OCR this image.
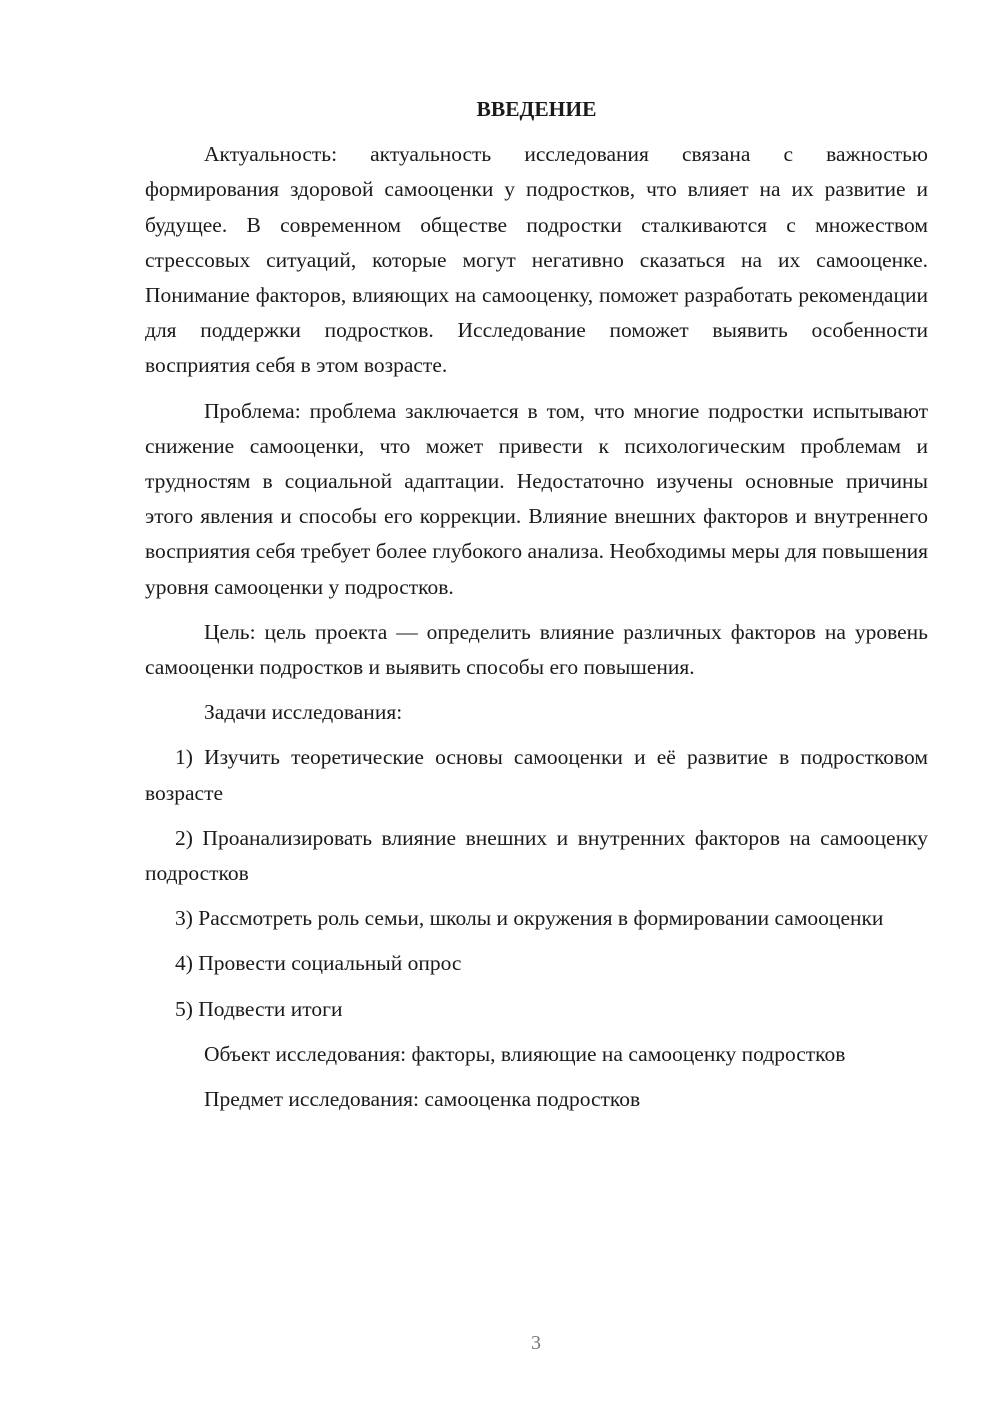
ВВЕДЕНИЕ

Актуальность: актуальность исследования связана с важностью формирования здоровой самооценки у подростков, что влияет на их развитие и будущее. В современном обществе подростки сталкиваются с множеством стрессовых ситуаций, которые могут негативно сказаться на их самооценке. Понимание факторов, влияющих на самооценку, поможет разработать рекомендации для поддержки подростков. Исследование поможет выявить особенности восприятия себя в этом возрасте.

Проблема: проблема заключается в том, что многие подростки испытывают снижение самооценки, что может привести к психологическим проблемам и трудностям в социальной адаптации. Недостаточно изучены основные причины этого явления и способы его коррекции. Влияние внешних факторов и внутреннего восприятия себя требует более глубокого анализа. Необходимы меры для повышения уровня самооценки у подростков.

Цель: цель проекта — определить влияние различных факторов на уровень самооценки подростков и выявить способы его повышения.

Задачи исследования:

1) Изучить теоретические основы самооценки и её развитие в подростковом возрасте

2) Проанализировать влияние внешних и внутренних факторов на самооценку подростков

3) Рассмотреть роль семьи, школы и окружения в формировании самооценки

4) Провести социальный опрос

5) Подвести итоги

Объект исследования: факторы, влияющие на самооценку подростков

Предмет исследования: самооценка подростков

3
